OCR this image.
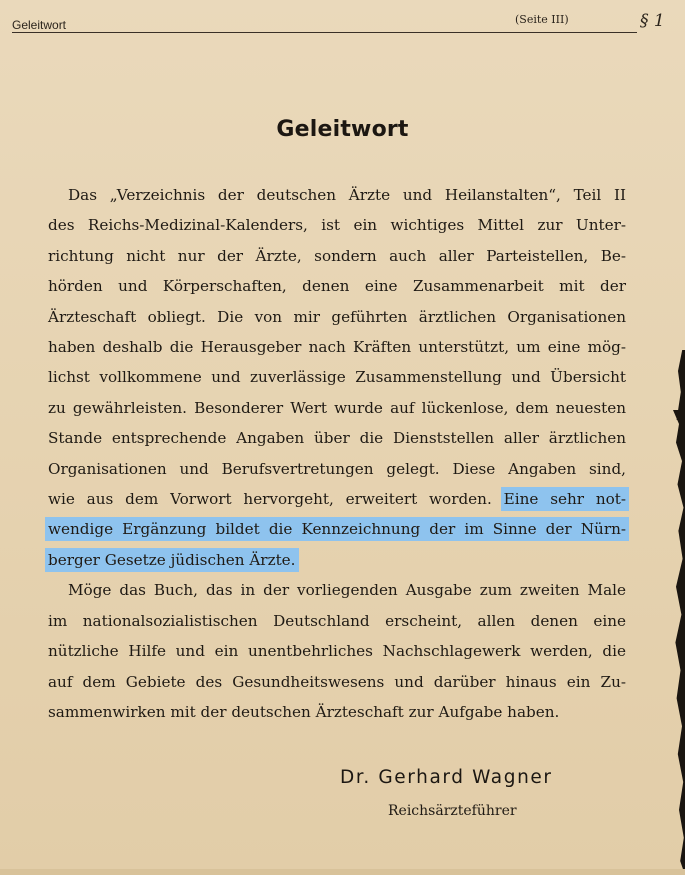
Geleitwort	(Seite III)	§ 1
Geleitwort
Das „Verzeichnis der deutschen Ärzte und Heilanstalten“, Teil II
des Reichs-Medizinal-Kalenders, ist ein wichtiges Mittel zur Unter-
richtung nicht nur der Ärzte, sondern auch aller Parteistellen, Be-
hörden und Körperschaften, denen eine Zusammenarbeit mit der
Ärzteschaft obliegt. Die von mir geführten ärztlichen Organisationen
haben deshalb die Herausgeber nach Kräften unterstützt, um eine mög-
lichst vollkommene und zuverlässige Zusammenstellung und Übersicht
zu gewährleisten. Besonderer Wert wurde auf lückenlose, dem neuesten
Stande entsprechende Angaben über die Dienststellen aller ärztlichen
Organisationen und Berufsvertretungen gelegt. Diese Angaben sind,
wie aus dem Vorwort hervorgeht, erweitert worden. Eine sehr not-
wendige Ergänzung bildet die Kennzeichnung der im Sinne der Nürn-
berger Gesetze jüdischen Ärzte.
Möge das Buch, das in der vorliegenden Ausgabe zum zweiten Male
im nationalsozialistischen Deutschland erscheint, allen denen eine
nützliche Hilfe und ein unentbehrliches Nachschlagewerk werden, die
auf dem Gebiete des Gesundheitswesens und darüber hinaus ein Zu-
sammenwirken mit der deutschen Ärzteschaft zur Aufgabe haben.
Dr. Gerhard Wagner
Reichsärzteführer
